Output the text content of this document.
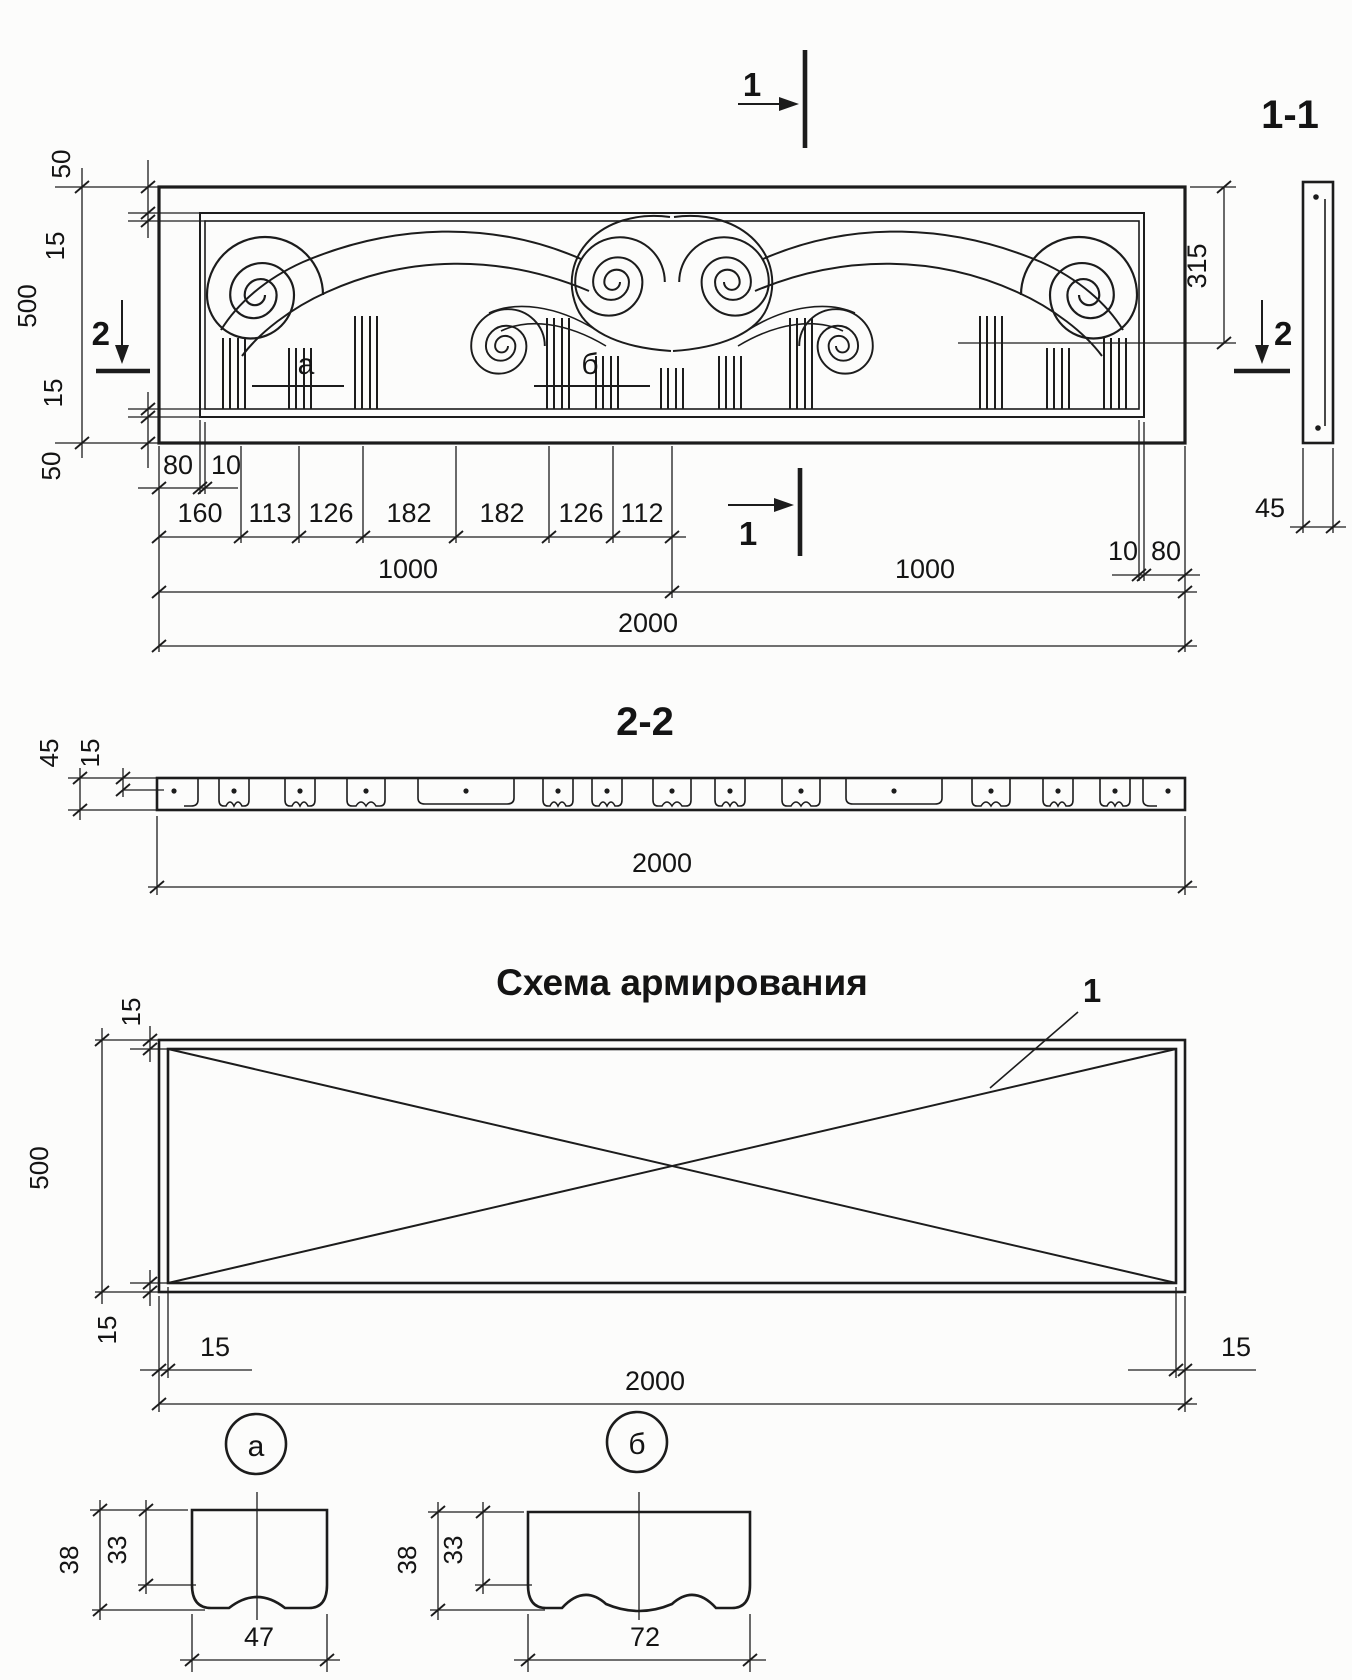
1
а	б
50
15
500
15
50
2	2
315
80 10
160 113 126 182 182 126 112
10 80
1000	1000
2000
1
1-1
45
2-2
45 15
2000
Схема армирования	1
500
15
15
15	15
2000
а
38 33
47
б
38 33
72
